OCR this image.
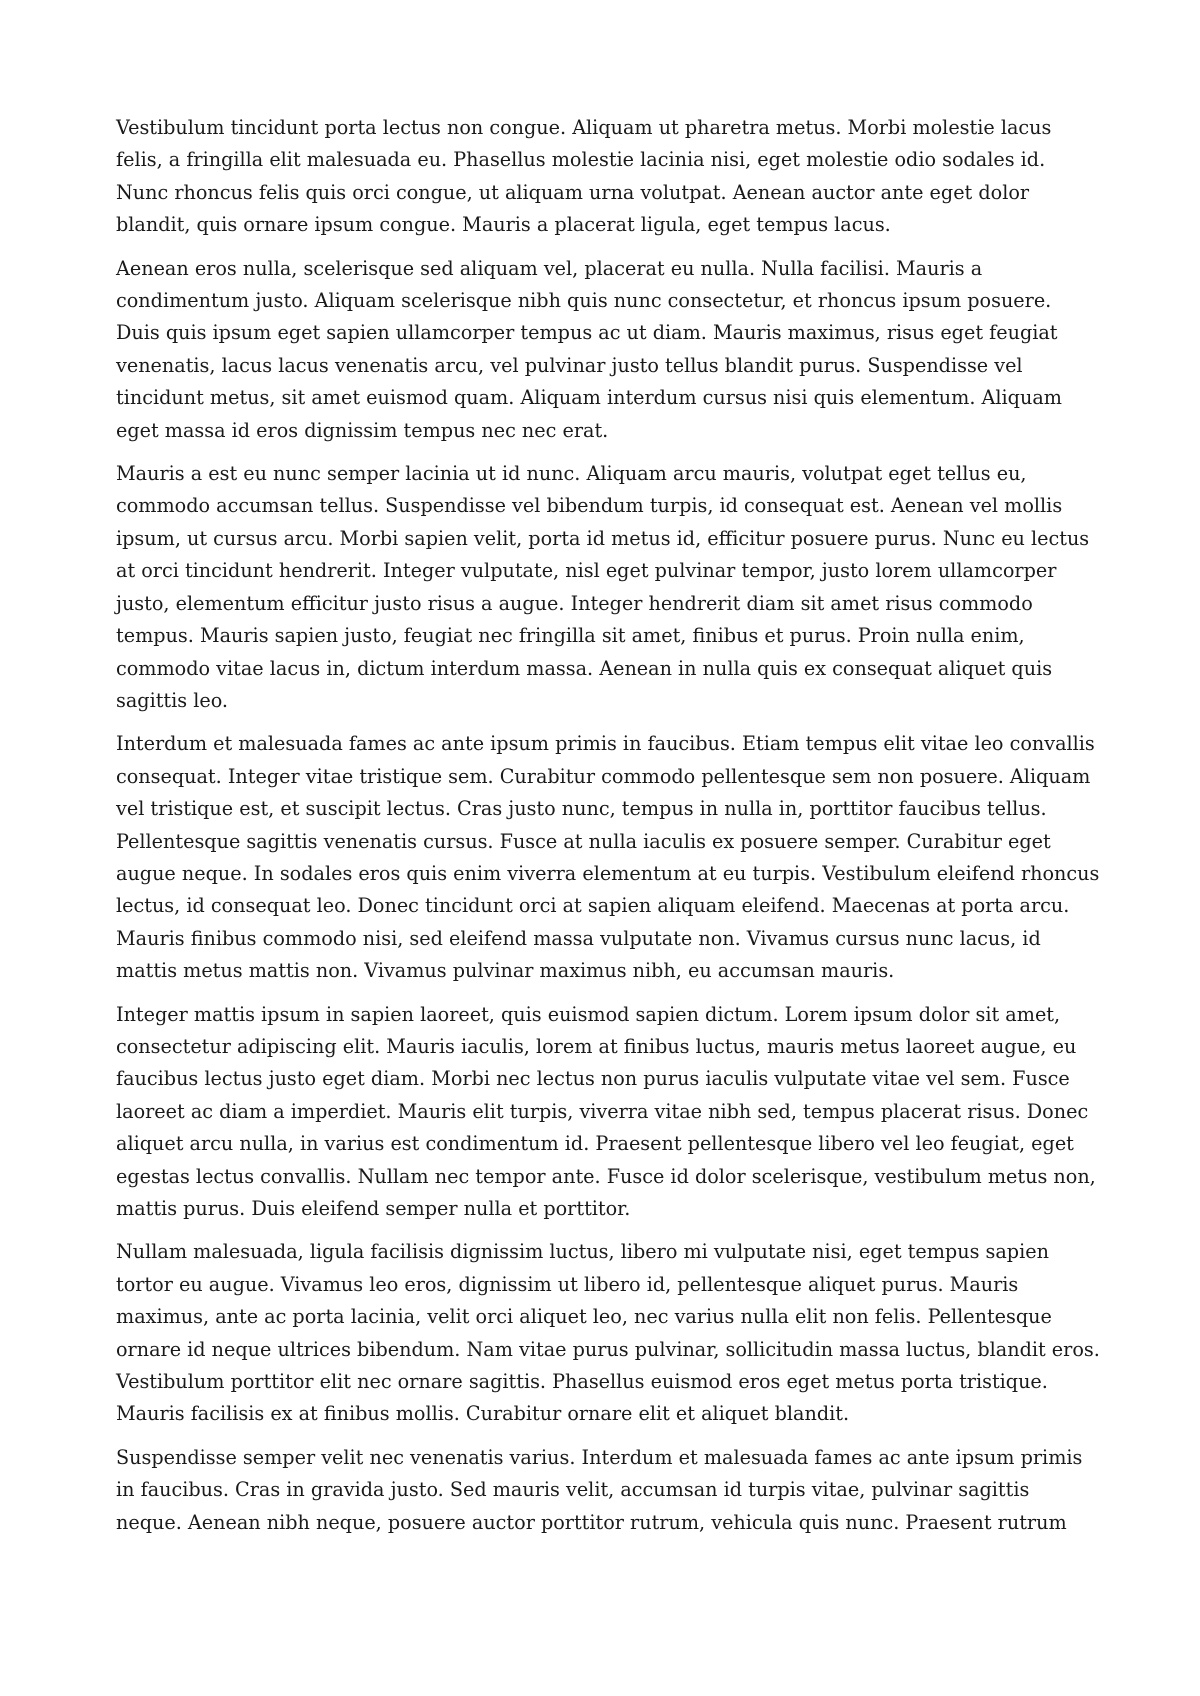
Vestibulum tincidunt porta lectus non congue. Aliquam ut pharetra metus. Morbi molestie lacus felis, a fringilla elit malesuada eu. Phasellus molestie lacinia nisi, eget molestie odio sodales id. Nunc rhoncus felis quis orci congue, ut aliquam urna volutpat. Aenean auctor ante eget dolor blandit, quis ornare ipsum congue. Mauris a placerat ligula, eget tempus lacus.

Aenean eros nulla, scelerisque sed aliquam vel, placerat eu nulla. Nulla facilisi. Mauris a condimentum justo. Aliquam scelerisque nibh quis nunc consectetur, et rhoncus ipsum posuere. Duis quis ipsum eget sapien ullamcorper tempus ac ut diam. Mauris maximus, risus eget feugiat venenatis, lacus lacus venenatis arcu, vel pulvinar justo tellus blandit purus. Suspendisse vel tincidunt metus, sit amet euismod quam. Aliquam interdum cursus nisi quis elementum. Aliquam eget massa id eros dignissim tempus nec nec erat.

Mauris a est eu nunc semper lacinia ut id nunc. Aliquam arcu mauris, volutpat eget tellus eu, commodo accumsan tellus. Suspendisse vel bibendum turpis, id consequat est. Aenean vel mollis ipsum, ut cursus arcu. Morbi sapien velit, porta id metus id, efficitur posuere purus. Nunc eu lectus at orci tincidunt hendrerit. Integer vulputate, nisl eget pulvinar tempor, justo lorem ullamcorper justo, elementum efficitur justo risus a augue. Integer hendrerit diam sit amet risus commodo tempus. Mauris sapien justo, feugiat nec fringilla sit amet, finibus et purus. Proin nulla enim, commodo vitae lacus in, dictum interdum massa. Aenean in nulla quis ex consequat aliquet quis sagittis leo.

Interdum et malesuada fames ac ante ipsum primis in faucibus. Etiam tempus elit vitae leo convallis consequat. Integer vitae tristique sem. Curabitur commodo pellentesque sem non posuere. Aliquam vel tristique est, et suscipit lectus. Cras justo nunc, tempus in nulla in, porttitor faucibus tellus. Pellentesque sagittis venenatis cursus. Fusce at nulla iaculis ex posuere semper. Curabitur eget augue neque. In sodales eros quis enim viverra elementum at eu turpis. Vestibulum eleifend rhoncus lectus, id consequat leo. Donec tincidunt orci at sapien aliquam eleifend. Maecenas at porta arcu. Mauris finibus commodo nisi, sed eleifend massa vulputate non. Vivamus cursus nunc lacus, id mattis metus mattis non. Vivamus pulvinar maximus nibh, eu accumsan mauris.

Integer mattis ipsum in sapien laoreet, quis euismod sapien dictum. Lorem ipsum dolor sit amet, consectetur adipiscing elit. Mauris iaculis, lorem at finibus luctus, mauris metus laoreet augue, eu faucibus lectus justo eget diam. Morbi nec lectus non purus iaculis vulputate vitae vel sem. Fusce laoreet ac diam a imperdiet. Mauris elit turpis, viverra vitae nibh sed, tempus placerat risus. Donec aliquet arcu nulla, in varius est condimentum id. Praesent pellentesque libero vel leo feugiat, eget egestas lectus convallis. Nullam nec tempor ante. Fusce id dolor scelerisque, vestibulum metus non, mattis purus. Duis eleifend semper nulla et porttitor.

Nullam malesuada, ligula facilisis dignissim luctus, libero mi vulputate nisi, eget tempus sapien tortor eu augue. Vivamus leo eros, dignissim ut libero id, pellentesque aliquet purus. Mauris maximus, ante ac porta lacinia, velit orci aliquet leo, nec varius nulla elit non felis. Pellentesque ornare id neque ultrices bibendum. Nam vitae purus pulvinar, sollicitudin massa luctus, blandit eros. Vestibulum porttitor elit nec ornare sagittis. Phasellus euismod eros eget metus porta tristique. Mauris facilisis ex at finibus mollis. Curabitur ornare elit et aliquet blandit.

Suspendisse semper velit nec venenatis varius. Interdum et malesuada fames ac ante ipsum primis in faucibus. Cras in gravida justo. Sed mauris velit, accumsan id turpis vitae, pulvinar sagittis neque. Aenean nibh neque, posuere auctor porttitor rutrum, vehicula quis nunc. Praesent rutrum
